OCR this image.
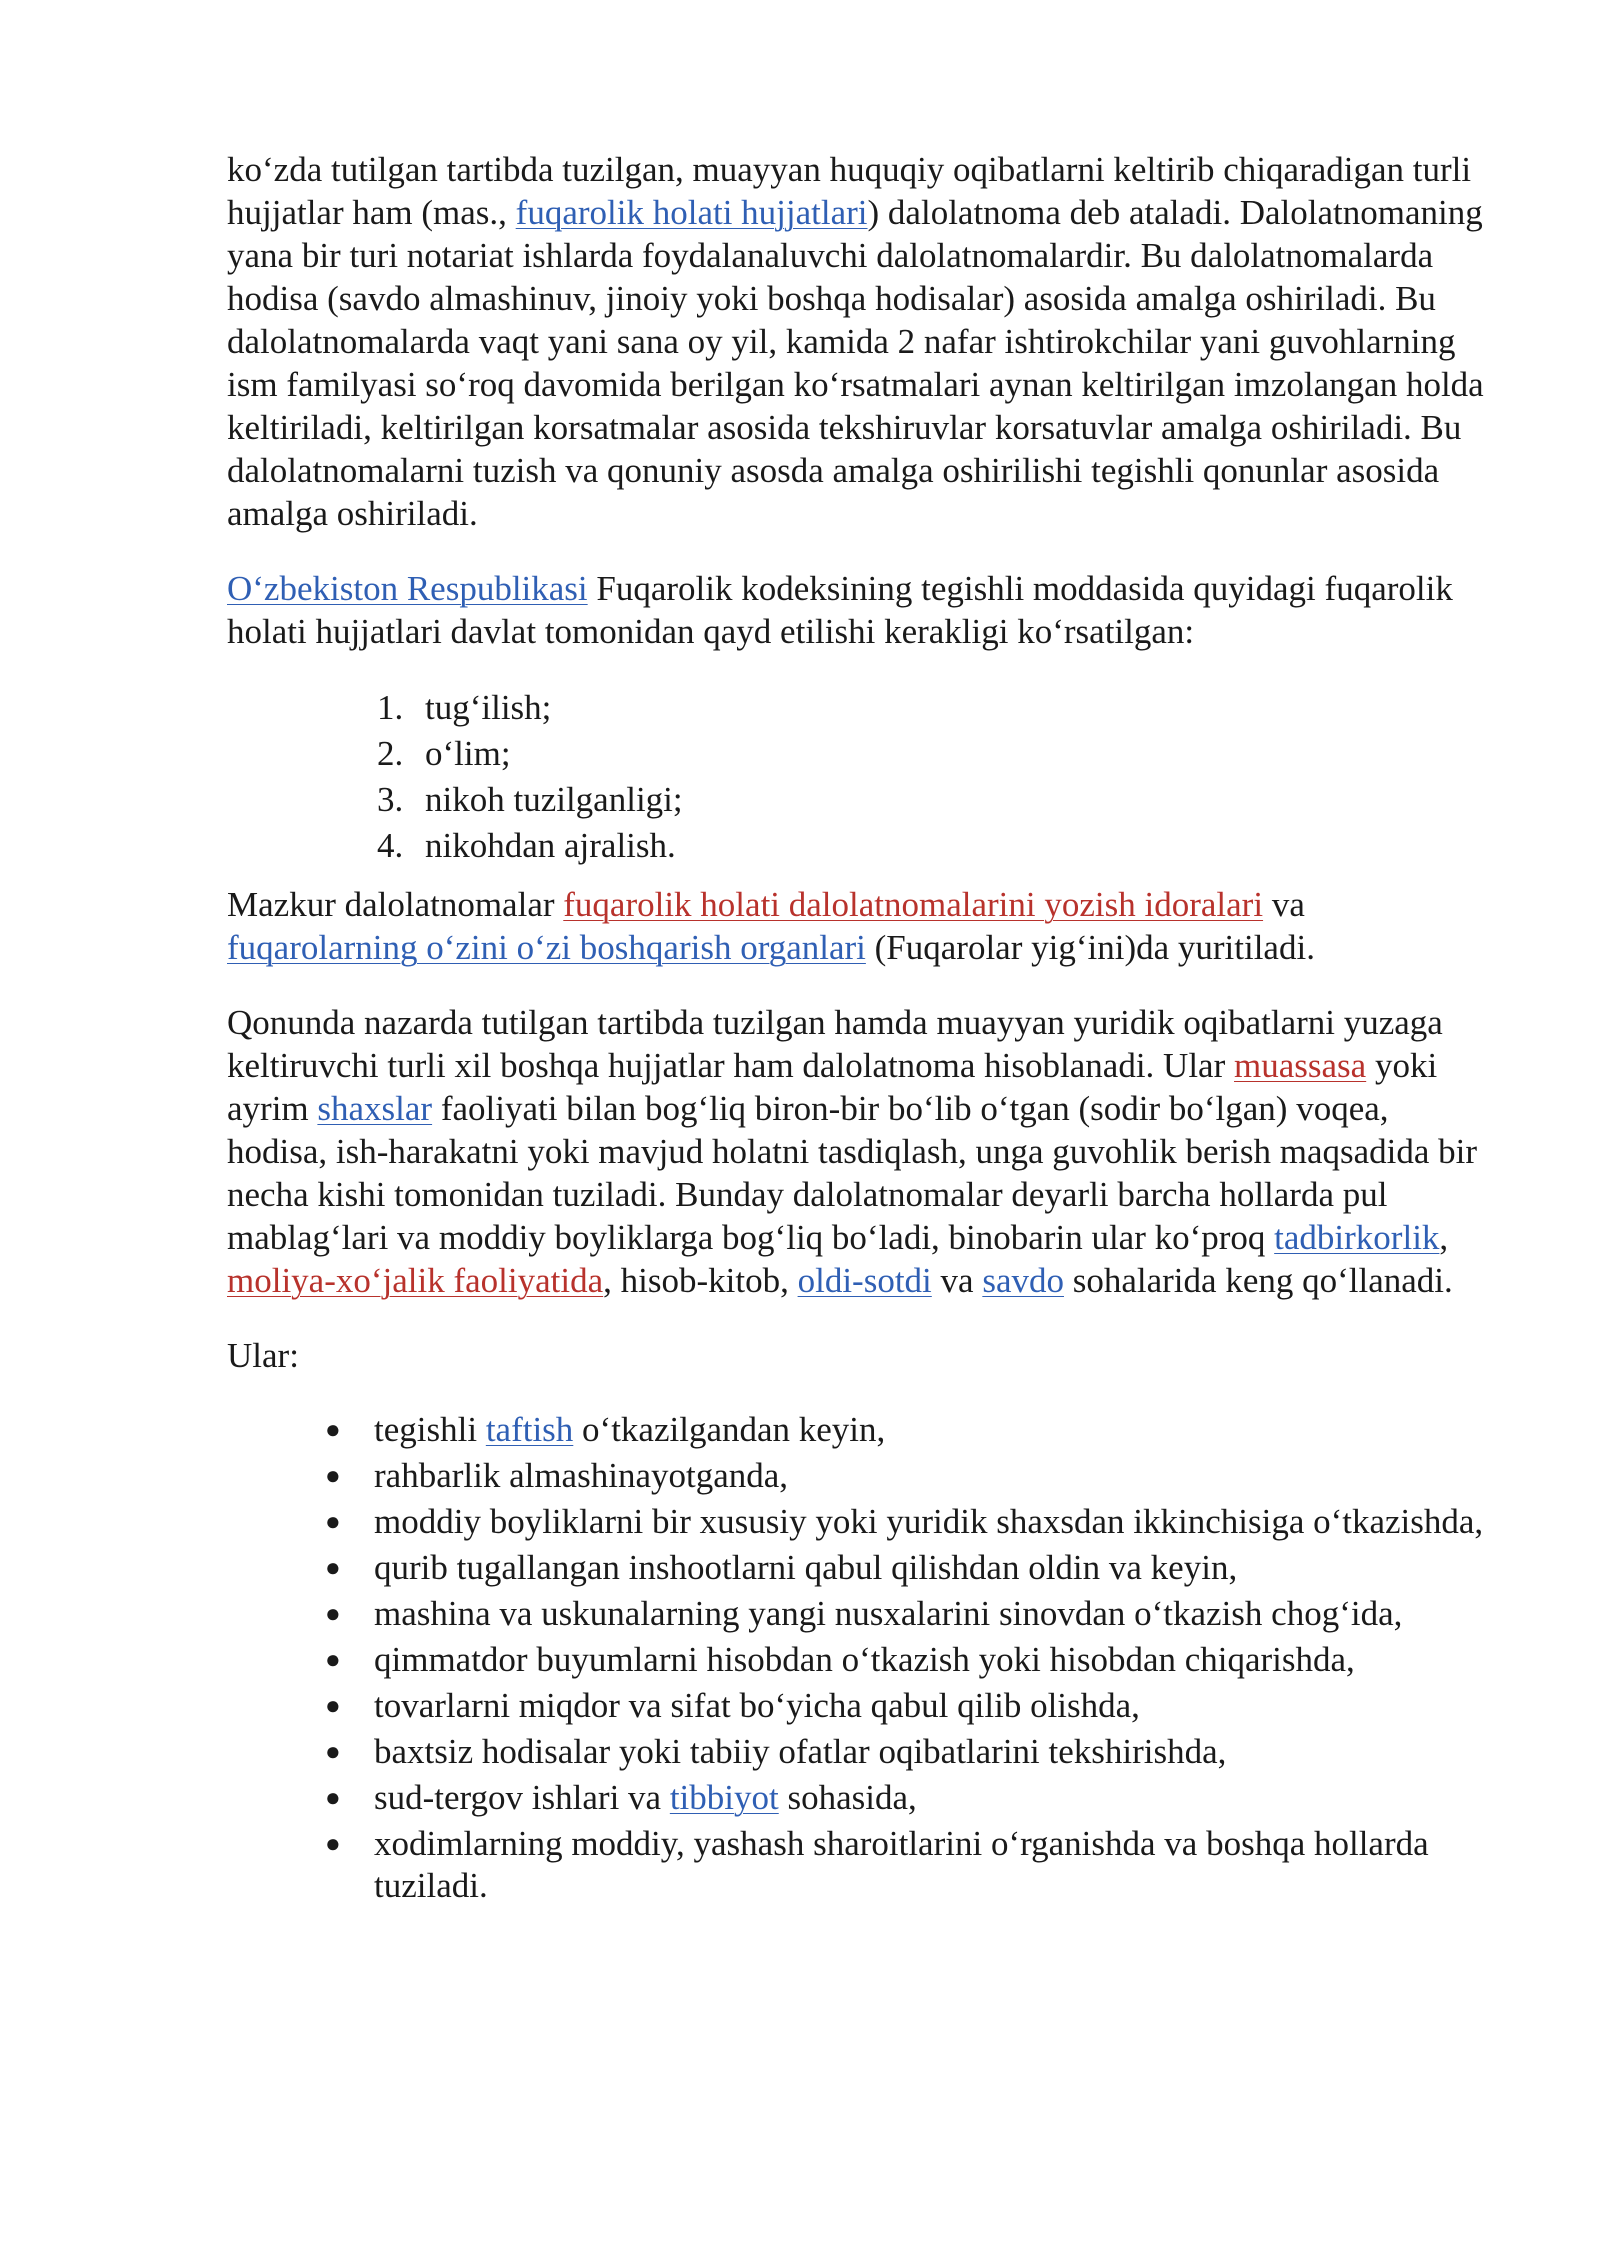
ko‘zda tutilgan tartibda tuzilgan, muayyan huquqiy oqibatlarni keltirib chiqaradigan turli hujjatlar ham (mas., fuqarolik holati hujjatlari) dalolatnoma deb ataladi. Dalolatnomaning yana bir turi notariat ishlarda foydalanaluvchi dalolatnomalardir. Bu dalolatnomalarda hodisa (savdo almashinuv, jinoiy yoki boshqa hodisalar) asosida amalga oshiriladi. Bu dalolatnomalarda vaqt yani sana oy yil, kamida 2 nafar ishtirokchilar yani guvohlarning ism familyasi so‘roq davomida berilgan ko‘rsatmalari aynan keltirilgan imzolangan holda keltiriladi, keltirilgan korsatmalar asosida tekshiruvlar korsatuvlar amalga oshiriladi. Bu dalolatnomalarni tuzish va qonuniy asosda amalga oshirilishi tegishli qonunlar asosida amalga oshiriladi.

O‘zbekiston Respublikasi Fuqarolik kodeksining tegishli moddasida quyidagi fuqarolik holati hujjatlari davlat tomonidan qayd etilishi kerakligi ko‘rsatilgan:

1. tug‘ilish;
2. o‘lim;
3. nikoh tuzilganligi;
4. nikohdan ajralish.

Mazkur dalolatnomalar fuqarolik holati dalolatnomalarini yozish idoralari va fuqarolarning o‘zini o‘zi boshqarish organlari (Fuqarolar yig‘ini)da yuritiladi.

Qonunda nazarda tutilgan tartibda tuzilgan hamda muayyan yuridik oqibatlarni yuzaga keltiruvchi turli xil boshqa hujjatlar ham dalolatnoma hisoblanadi. Ular muassasa yoki ayrim shaxslar faoliyati bilan bog‘liq biron-bir bo‘lib o‘tgan (sodir bo‘lgan) voqea, hodisa, ish-harakatni yoki mavjud holatni tasdiqlash, unga guvohlik berish maqsadida bir necha kishi tomonidan tuziladi. Bunday dalolatnomalar deyarli barcha hollarda pul mablag‘lari va moddiy boyliklarga bog‘liq bo‘ladi, binobarin ular ko‘proq tadbirkorlik, moliya-xo‘jalik faoliyatida, hisob-kitob, oldi-sotdi va savdo sohalarida keng qo‘llanadi.

Ular:

● tegishli taftish o‘tkazilgandan keyin,
● rahbarlik almashinayotganda,
● moddiy boyliklarni bir xususiy yoki yuridik shaxsdan ikkinchisiga o‘tkazishda,
● qurib tugallangan inshootlarni qabul qilishdan oldin va keyin,
● mashina va uskunalarning yangi nusxalarini sinovdan o‘tkazish chog‘ida,
● qimmatdor buyumlarni hisobdan o‘tkazish yoki hisobdan chiqarishda,
● tovarlarni miqdor va sifat bo‘yicha qabul qilib olishda,
● baxtsiz hodisalar yoki tabiiy ofatlar oqibatlarini tekshirishda,
● sud-tergov ishlari va tibbiyot sohasida,
● xodimlarning moddiy, yashash sharoitlarini o‘rganishda va boshqa hollarda tuziladi.
